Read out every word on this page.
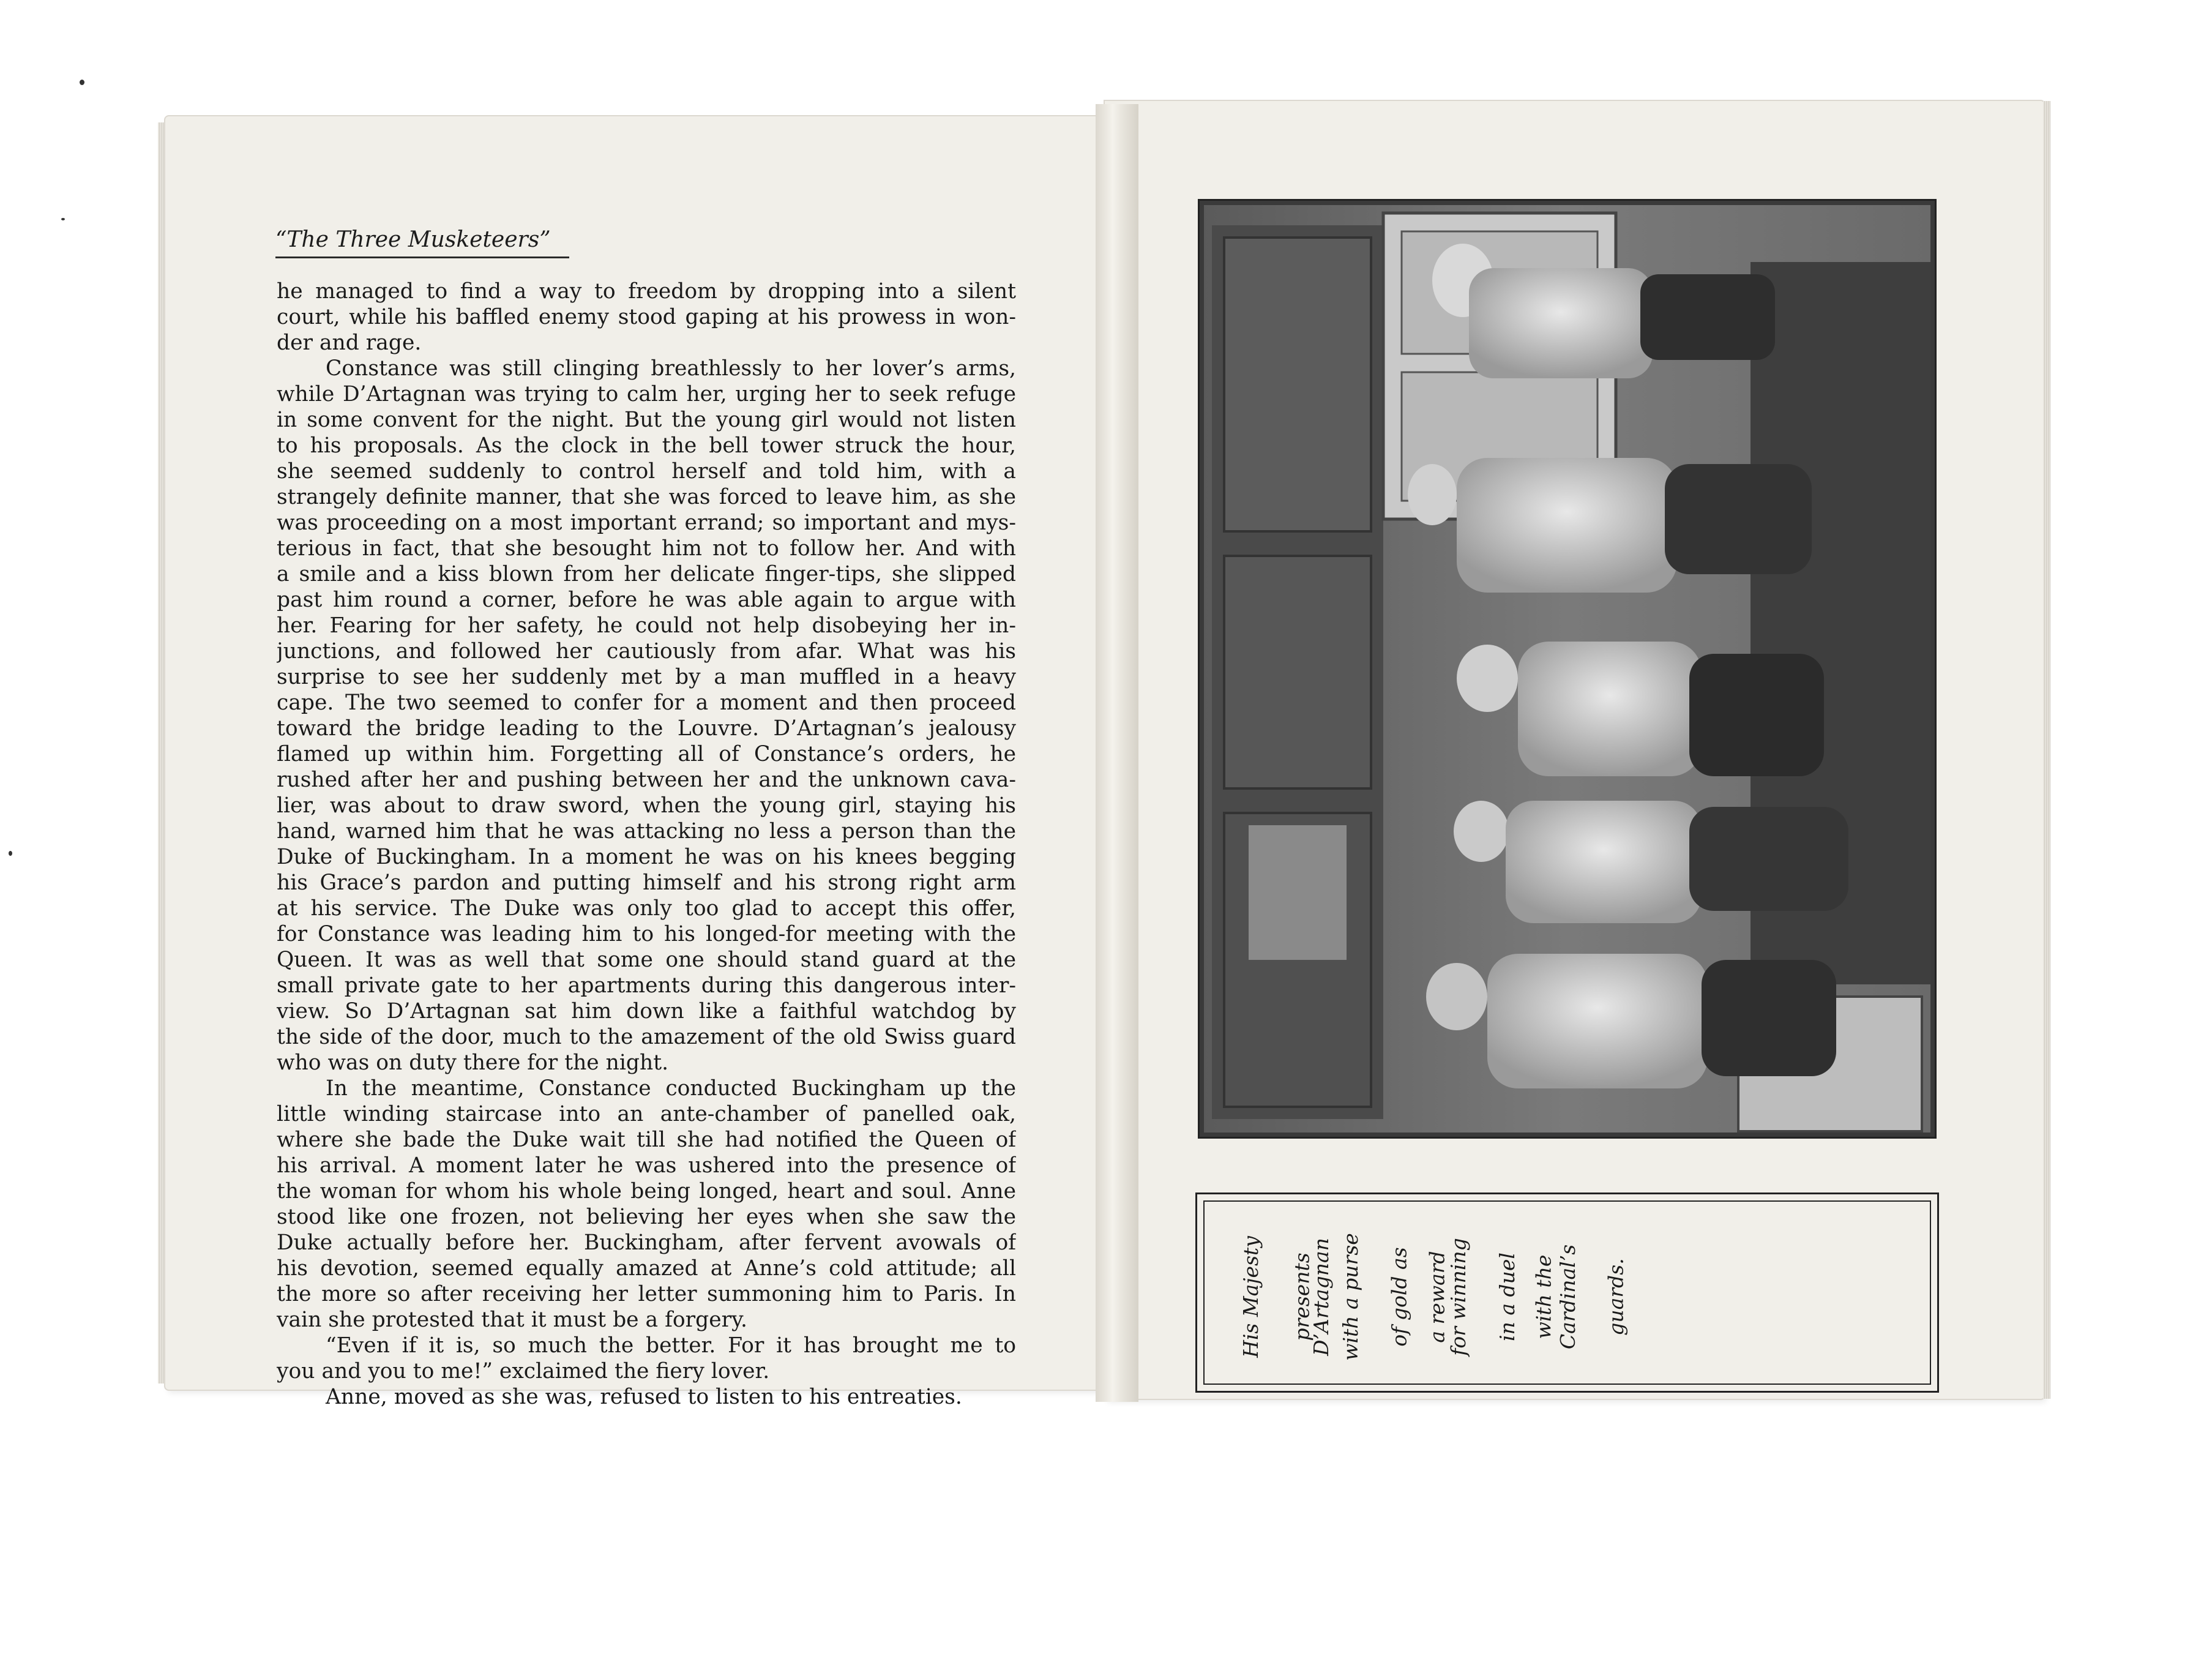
“The Three Musketeers”
he managed to find a way to freedom by dropping into a silent
court, while his baffled enemy stood gaping at his prowess in won-
der and rage.
Constance was still clinging breathlessly to her lover’s arms,
while D’Artagnan was trying to calm her, urging her to seek refuge
in some convent for the night. But the young girl would not listen
to his proposals. As the clock in the bell tower struck the hour,
she seemed suddenly to control herself and told him, with a
strangely definite manner, that she was forced to leave him, as she
was proceeding on a most important errand; so important and mys-
terious in fact, that she besought him not to follow her. And with
a smile and a kiss blown from her delicate finger-tips, she slipped
past him round a corner, before he was able again to argue with
her. Fearing for her safety, he could not help disobeying her in-
junctions, and followed her cautiously from afar. What was his
surprise to see her suddenly met by a man muffled in a heavy
cape. The two seemed to confer for a moment and then proceed
toward the bridge leading to the Louvre. D’Artagnan’s jealousy
flamed up within him. Forgetting all of Constance’s orders, he
rushed after her and pushing between her and the unknown cava-
lier, was about to draw sword, when the young girl, staying his
hand, warned him that he was attacking no less a person than the
Duke of Buckingham. In a moment he was on his knees begging
his Grace’s pardon and putting himself and his strong right arm
at his service. The Duke was only too glad to accept this offer,
for Constance was leading him to his longed-for meeting with the
Queen. It was as well that some one should stand guard at the
small private gate to her apartments during this dangerous inter-
view. So D’Artagnan sat him down like a faithful watchdog by
the side of the door, much to the amazement of the old Swiss guard
who was on duty there for the night.
In the meantime, Constance conducted Buckingham up the
little winding staircase into an ante-chamber of panelled oak,
where she bade the Duke wait till she had notified the Queen of
his arrival. A moment later he was ushered into the presence of
the woman for whom his whole being longed, heart and soul. Anne
stood like one frozen, not believing her eyes when she saw the
Duke actually before her. Buckingham, after fervent avowals of
his devotion, seemed equally amazed at Anne’s cold attitude; all
the more so after receiving her letter summoning him to Paris. In
vain she protested that it must be a forgery.
“Even if it is, so much the better. For it has brought me to
you and you to me!” exclaimed the fiery lover.
Anne, moved as she was, refused to listen to his entreaties.
His Majesty presents
D’Artagnan with a purse of gold as a reward
for winning in a duel with the Cardinal’s guards.
